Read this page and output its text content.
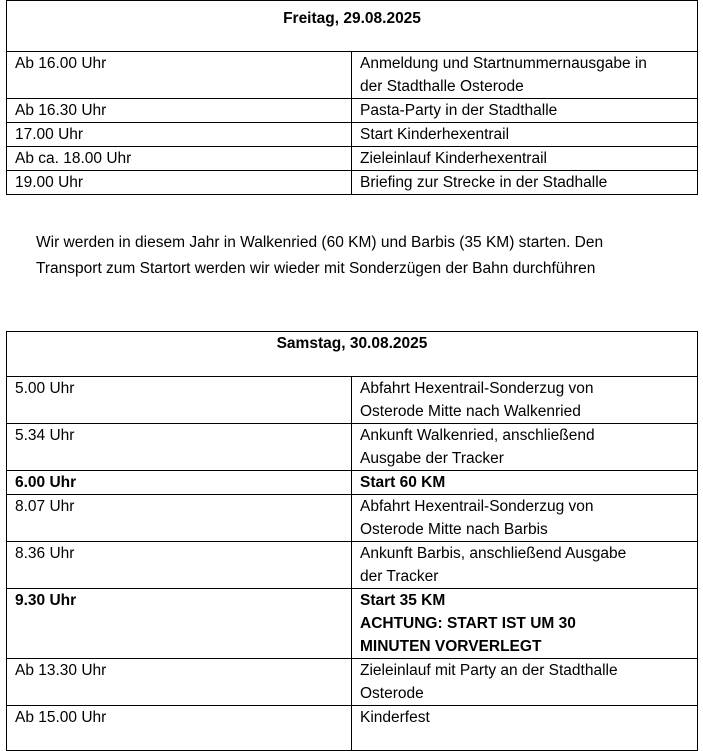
Freitag, 29.08.2025	
Ab 16.00 Uhr	Anmeldung und Startnummernausgabe in
der Stadthalle Osterode

Ab 16.30 Uhr	Pasta-Party in der Stadthalle
17.00 Uhr	Start Kinderhexentrail
Ab ca. 18.00 Uhr	Zieleinlauf Kinderhexentrail
19.00 Uhr	Briefing zur Strecke in der Stadhalle

Wir werden in diesem Jahr in Walkenried (60 KM) und Barbis (35 KM) starten. Den
Transport zum Startort werden wir wieder mit Sonderzügen der Bahn durchführen

Samstag, 30.08.2025	
5.00 Uhr	Abfahrt Hexentrail-Sonderzug von
Osterode Mitte nach Walkenried

5.34 Uhr	Ankunft Walkenried, anschließend
Ausgabe der Tracker

6.00 Uhr	Start 60 KM
8.07 Uhr	Abfahrt Hexentrail-Sonderzug von
Osterode Mitte nach Barbis

8.36 Uhr	Ankunft Barbis, anschließend Ausgabe
der Tracker

9.30 Uhr	Start 35 KM
ACHTUNG: START IST UM 30
MINUTEN VORVERLEGT

Ab 13.30 Uhr	Zieleinlauf mit Party an der Stadthalle
Osterode

Ab 15.00 Uhr	Kinderfest
